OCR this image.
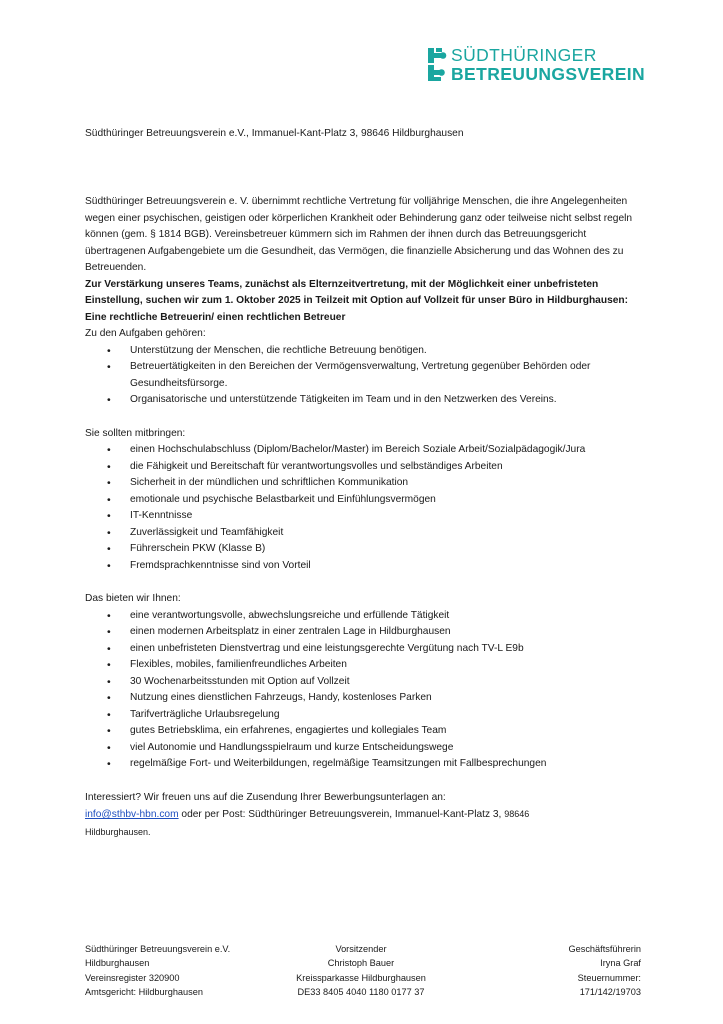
SÜDTHÜRINGER
BETREUUNGSVEREIN
Südthüringer Betreuungsverein e.V., Immanuel-Kant-Platz 3, 98646 Hildburghausen

Südthüringer Betreuungsverein e. V. übernimmt rechtliche Vertretung für volljährige Menschen, die ihre Angelegenheiten wegen einer psychischen, geistigen oder körperlichen Krankheit oder Behinderung ganz oder teilweise nicht selbst regeln können (gem. § 1814 BGB). Vereinsbetreuer kümmern sich im Rahmen der ihnen durch das Betreuungsgericht übertragenen Aufgabengebiete um die Gesundheit, das Vermögen, die finanzielle Absicherung und das Wohnen des zu Betreuenden.

Zur Verstärkung unseres Teams, zunächst als Elternzeitvertretung, mit der Möglichkeit einer unbefristeten Einstellung, suchen wir zum 1. Oktober 2025 in Teilzeit mit Option auf Vollzeit für unser Büro in Hildburghausen:

Eine rechtliche Betreuerin/ einen rechtlichen Betreuer

Zu den Aufgaben gehören:

• Unterstützung der Menschen, die rechtliche Betreuung benötigen.
• Betreuertätigkeiten in den Bereichen der Vermögensverwaltung, Vertretung gegenüber Behörden oder Gesundheitsfürsorge.
• Organisatorische und unterstützende Tätigkeiten im Team und in den Netzwerken des Vereins.

Sie sollten mitbringen:

• einen Hochschulabschluss (Diplom/Bachelor/Master) im Bereich Soziale Arbeit/Sozialpädagogik/Jura
• die Fähigkeit und Bereitschaft für verantwortungsvolles und selbständiges Arbeiten
• Sicherheit in der mündlichen und schriftlichen Kommunikation
• emotionale und psychische Belastbarkeit und Einfühlungsvermögen
• IT-Kenntnisse
• Zuverlässigkeit und Teamfähigkeit
• Führerschein PKW (Klasse B)
• Fremdsprachkenntnisse sind von Vorteil

Das bieten wir Ihnen:

• eine verantwortungsvolle, abwechslungsreiche und erfüllende Tätigkeit
• einen modernen Arbeitsplatz in einer zentralen Lage in Hildburghausen
• einen unbefristeten Dienstvertrag und eine leistungsgerechte Vergütung nach TV-L E9b
• Flexibles, mobiles, familienfreundliches Arbeiten
• 30 Wochenarbeitsstunden mit Option auf Vollzeit
• Nutzung eines dienstlichen Fahrzeugs, Handy, kostenloses Parken
• Tarifverträgliche Urlaubsregelung
• gutes Betriebsklima, ein erfahrenes, engagiertes und kollegiales Team
• viel Autonomie und Handlungsspielraum und kurze Entscheidungswege
• regelmäßige Fort- und Weiterbildungen, regelmäßige Teamsitzungen mit Fallbesprechungen
Interessiert? Wir freuen uns auf die Zusendung Ihrer Bewerbungsunterlagen an:
info@sthbv-hbn.com oder per Post: Südthüringer Betreuungsverein, Immanuel-Kant-Platz 3, 98646
Hildburghausen.
Südthüringer Betreuungsverein e.V.
Hildburghausen
Vereinsregister 320900
Amtsgericht: Hildburghausen
Vorsitzender
Christoph Bauer
Kreissparkasse Hildburghausen
DE33 8405 4040 1180 0177 37
Geschäftsführerin
Iryna Graf
Steuernummer:
171/142/19703
